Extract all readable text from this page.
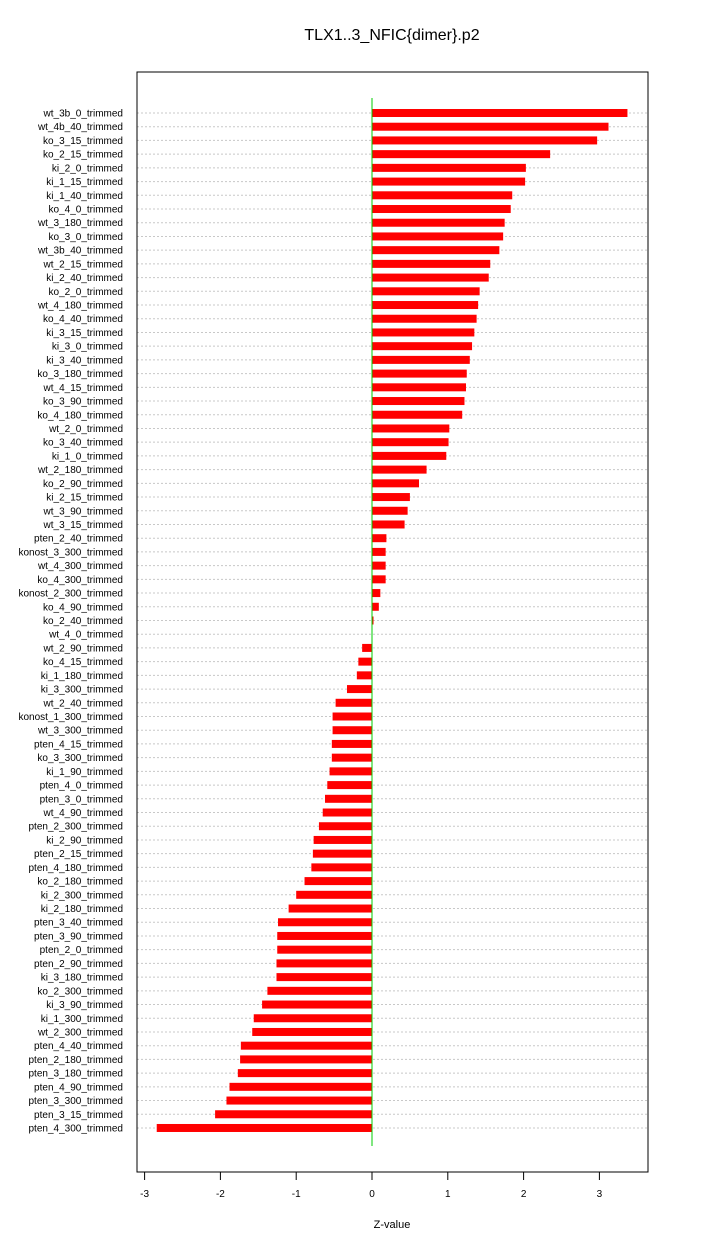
TLX1..3_NFIC{dimer}.p2
wt_3b_0_trimmed
wt_4b_40_trimmed
ko_3_15_trimmed
ko_2_15_trimmed
ki_2_0_trimmed
ki_1_15_trimmed
ki_1_40_trimmed
ko_4_0_trimmed
wt_3_180_trimmed
ko_3_0_trimmed
wt_3b_40_trimmed
wt_2_15_trimmed
ki_2_40_trimmed
ko_2_0_trimmed
wt_4_180_trimmed
ko_4_40_trimmed
ki_3_15_trimmed
ki_3_0_trimmed
ki_3_40_trimmed
ko_3_180_trimmed
wt_4_15_trimmed
ko_3_90_trimmed
ko_4_180_trimmed
wt_2_0_trimmed
ko_3_40_trimmed
ki_1_0_trimmed
wt_2_180_trimmed
ko_2_90_trimmed
ki_2_15_trimmed
wt_3_90_trimmed
wt_3_15_trimmed
pten_2_40_trimmed
konost_3_300_trimmed
wt_4_300_trimmed
ko_4_300_trimmed
konost_2_300_trimmed
ko_4_90_trimmed
ko_2_40_trimmed
wt_4_0_trimmed
wt_2_90_trimmed
ko_4_15_trimmed
ki_1_180_trimmed
ki_3_300_trimmed
wt_2_40_trimmed
konost_1_300_trimmed
wt_3_300_trimmed
pten_4_15_trimmed
ko_3_300_trimmed
ki_1_90_trimmed
pten_4_0_trimmed
pten_3_0_trimmed
wt_4_90_trimmed
pten_2_300_trimmed
ki_2_90_trimmed
pten_2_15_trimmed
pten_4_180_trimmed
ko_2_180_trimmed
ki_2_300_trimmed
ki_2_180_trimmed
pten_3_40_trimmed
pten_3_90_trimmed
pten_2_0_trimmed
pten_2_90_trimmed
ki_3_180_trimmed
ko_2_300_trimmed
ki_3_90_trimmed
ki_1_300_trimmed
wt_2_300_trimmed
pten_4_40_trimmed
pten_2_180_trimmed
pten_3_180_trimmed
pten_4_90_trimmed
pten_3_300_trimmed
pten_3_15_trimmed
pten_4_300_trimmed
-3	-2	-1	0	1	2	3
Z-value
